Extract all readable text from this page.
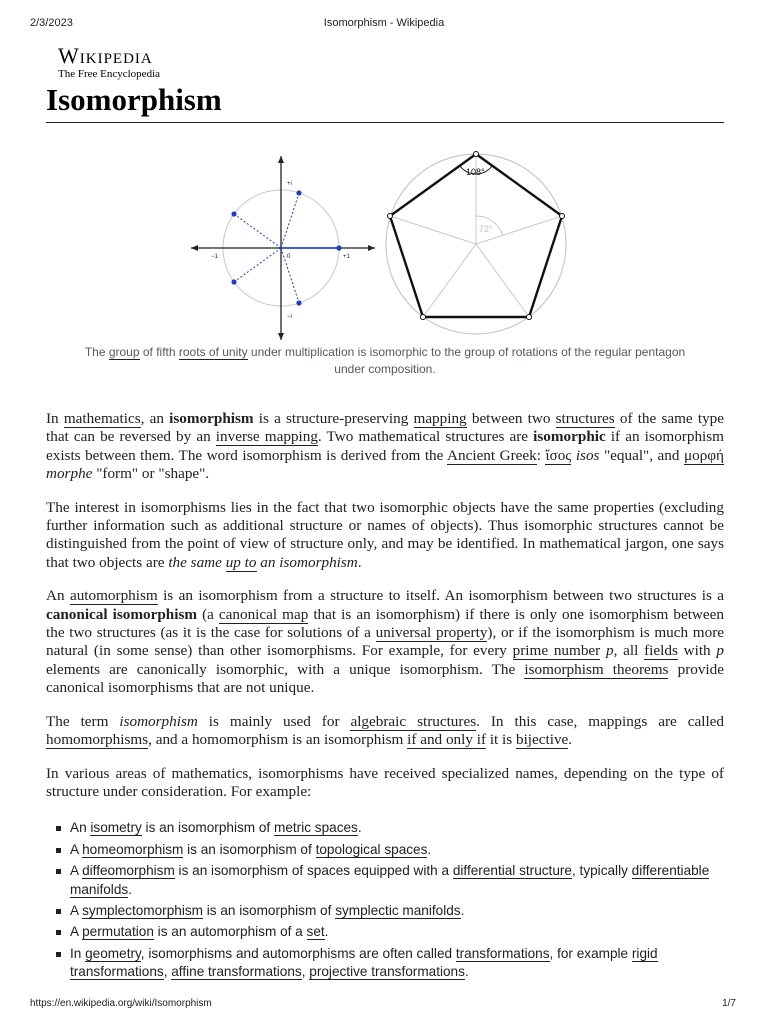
2/3/2023	Isomorphism - Wikipedia
Wikipedia
The Free Encyclopedia
Isomorphism
+i
−i
−1	0	+1
72°
108°
The group of fifth roots of unity under multiplication is isomorphic to the group of rotations of the regular pentagon under composition.

In mathematics, an isomorphism is a structure-preserving mapping between two structures of the same type that can be reversed by an inverse mapping. Two mathematical structures are isomorphic if an isomorphism exists between them. The word isomorphism is derived from the Ancient Greek: ἴσος isos "equal", and μορφή morphe "form" or "shape".

The interest in isomorphisms lies in the fact that two isomorphic objects have the same properties (excluding further information such as additional structure or names of objects). Thus isomorphic structures cannot be distinguished from the point of view of structure only, and may be identified. In mathematical jargon, one says that two objects are the same up to an isomorphism.

An automorphism is an isomorphism from a structure to itself. An isomorphism between two structures is a canonical isomorphism (a canonical map that is an isomorphism) if there is only one isomorphism between the two structures (as it is the case for solutions of a universal property), or if the isomorphism is much more natural (in some sense) than other isomorphisms. For example, for every prime number p, all fields with p elements are canonically isomorphic, with a unique isomorphism. The isomorphism theorems provide canonical isomorphisms that are not unique.

The term isomorphism is mainly used for algebraic structures. In this case, mappings are called homomorphisms, and a homomorphism is an isomorphism if and only if it is bijective.

In various areas of mathematics, isomorphisms have received specialized names, depending on the type of structure under consideration. For example:

An isometry is an isomorphism of metric spaces.
A homeomorphism is an isomorphism of topological spaces.
A diffeomorphism is an isomorphism of spaces equipped with a differential structure, typically differentiable manifolds.
A symplectomorphism is an isomorphism of symplectic manifolds.
A permutation is an automorphism of a set.
In geometry, isomorphisms and automorphisms are often called transformations, for example rigid transformations, affine transformations, projective transformations.
https://en.wikipedia.org/wiki/Isomorphism	1/7
